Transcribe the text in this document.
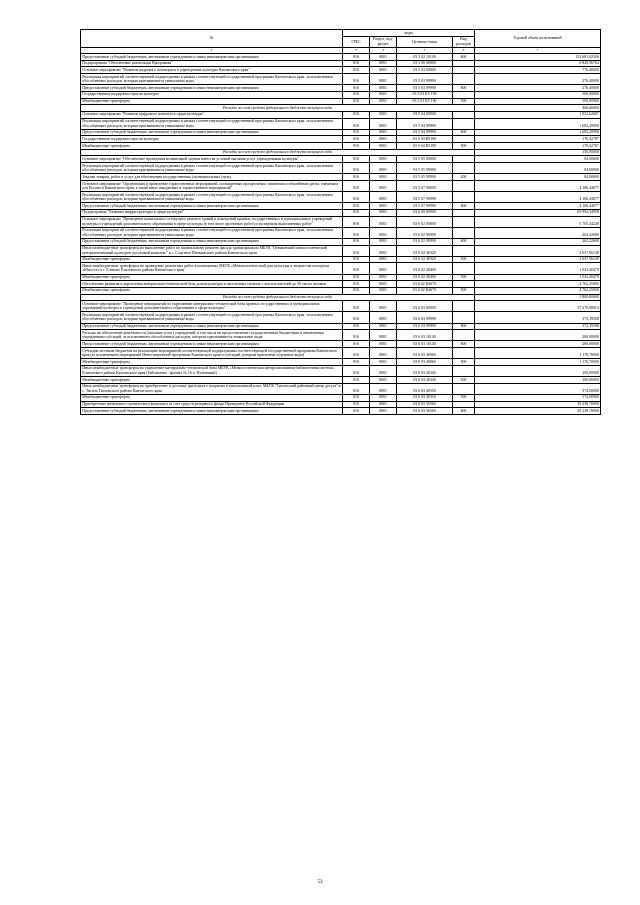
№	коды				Годовой объем ассигнований
	ГРБС	Раздел, под-раздел	Целевая статья	Вид расходов	
2	3	4	5	6	7
Предоставление субсидий бюджетным, автономным учреждениям и иным некоммерческим организациям	816	0801	03 3 02 10140	600	102 681,02500
Подпрограмма "Обеспечение реализации Программы"	816	0801	03 5 00 00000		6 820,56764
Основное мероприятие "Развитие кадрового потенциала в учреждениях культуры Камчатского края"	816	0801	03 5 03 00000		776,40000
Реализация мероприятий соответствующей подпрограммы в рамках соответствующей государственной программы Камчатского края, за исключением обособленных расходов, которым присваиваются уникальные коды	816	0801	03 5 03 99990		276,40000
Предоставление субсидий бюджетным, автономным учреждениям и иным некоммерческим организациям	816	0801	03 5 03 99990	600	276,40000
Государственная поддержка отрасли культуры	816	0801	03 5 03 R5 190		500,00000
Межбюджетные трансферты	816	0801	03 5 03 R5 190	500	500,00000
Расходы за счет средств федерального бюджета текущего года					400,00000
Основное мероприятие "Развитие цифрового контента в сфере культуры"	816	0801	03 5 04 00000		1 852,62687
Реализация мероприятий соответствующей подпрограммы в рамках соответствующей государственной программы Камчатского края, за исключением обособленных расходов, которым присваиваются уникальные коды	816	0801	03 5 04 99990		1 682,29900
Предоставление субсидий бюджетным, автономным учреждениям и иным некоммерческим организациям	816	0801	03 5 04 99990	600	1 682,29900
Государственная поддержка отрасли культуры	816	0801	03 5 04 R5190		170,32787
Межбюджетные трансферты	816	0801	03 5 04 R5190	500	170,32787
Расходы за счет средств федерального бюджета текущего года					156,90000
Основное мероприятие "Обеспечение проведения независимой оценки качества условий оказания услуг учреждениями культуры"	816	0801	03 5 05 00000		84,00000
Реализация мероприятий соответствующей подпрограммы в рамках соответствующей государственной программы Камчатского края, за исключением обособленных расходов, которым присваиваются уникальные коды	816	0801	03 5 05 99990		84,00000
Закупка товаров, работ и услуг для обеспечения государственных (муниципальных) нужд	816	0801	03 5 05 99990	200	84,00000
Основное мероприятие "Организация и проведение торжественных мероприятий, посвященных праздничным, памятным и юбилейным датам, значимым для России и Камчатского края, а также иных имиджевых и торжественных мероприятий"	816	0801	03 5 07 00000		4 106,44077
Реализация мероприятий соответствующей подпрограммы в рамках соответствующей государственной программы Камчатского края, за исключением обособленных расходов, которым присваиваются уникальные коды	816	0801	03 5 07 99990		4 106,44077
Предоставление субсидий бюджетным, автономным учреждениям и иным некоммерческим организациям	816	0801	03 5 07 99990	600	4 106,44077
Подпрограмма "Развитие инфраструктуры в сфере культуры"	816	0801	03 6 00 00000		65 992,34958
Основное мероприятие "Проведение капитального и текущего ремонта зданий и помещений краевых государственных и муниципальных учреждений культуры и учреждений дополнительного образования в сфере культуры (в том числе проектных работ) и экспертизы выполненных работ"	816	0801	03 6 02 00000		5 705,44228
Реализация мероприятий соответствующей подпрограммы в рамках соответствующей государственной программы Камчатского края, за исключением обособленных расходов, которым присваиваются уникальные коды	816	0801	03 6 02 99990		262,22600
Предоставление субсидий бюджетным, автономным учреждениям и иным некоммерческим организациям	816	0801	03 6 02 99990	600	262,22600
Иные межбюджетные трансферты на выполнение работ по капитальному ремонту фасада здания филиала МБУК "Пенжинский межпоселенческий централизованный культурно-досуговый комплекс" в с. Слаутное Пенжинского района Камчатского края	816	0801	03 6 02 40320		2 637,56149
Межбюджетные трансферты	816	0801	03 6 02 40320	500	2 637,56149
Иные межбюджетные трансферты на проведение ремонтных работ в помещениях МБУК «Межпоселенческий дом культуры и творчества молодёжи «Юность» в г. Елизово Елизовского района Камчатского края	816	0801	03 6 02 40400		1 043,40479
Межбюджетные трансферты	816	0801	03 6 02 40400	500	1 043,40479
Обеспечение развития и укрепления материально-технической базы домов культуры в населенных пунктах с числом жителей до 50 тысяч человек	816	0801	03 6 02 R4670		4 762,25000
Межбюджетные трансферты	816	0801	03 6 02 R4670	500	4 762,25000
Расходы за счет средств федерального бюджета текущего года					3 809,80000
Основное мероприятие "Проведение мероприятий по укреплению материально-технической базы краевых государственных и муниципальных учреждений культуры и учреждений дополнительного образования в сфере культуры"	816	0801	03 6 03 00000		37 270,88014
Реализация мероприятий соответствующей подпрограммы в рамках соответствующей государственной программы Камчатского края, за исключением обособленных расходов, которым присваиваются уникальные коды	816	0801	03 6 03 99990		373,19588
Предоставление субсидий бюджетным, автономным учреждениям и иным некоммерческим организациям	816	0801	03 6 03 99990	600	373,19588
Расходы на обеспечение деятельности (оказание услуг) учреждений, в том числе на предоставление государственным бюджетным и автономным учреждениям субсидий, за исключением обособленных расходов, которым присваиваются уникальные коды	816	0801	03 6 03 10140		200,00000
Предоставление субсидий бюджетным, автономным учреждениям и иным некоммерческим организациям	816	0801	03 6 03 10140	600	200,00000
Субсидии местным бюджетам на реализацию мероприятий соответствующей подпрограммы соответствующей государственной программы Камчатского края (за исключением мероприятий Инвестиционной программы Камчатского края и субсидий, которым присвоены отдельные коды)	816	0801	03 6 03 40060		1 170,70000
Межбюджетные трансферты	816	0801	03 6 03 40060	500	1 170,70000
Иные межбюджетные трансферты на укрепление материально-технической базы МБУК «Межпоселенческая централизованная библиотечная система» Елизовского района Камчатского края (Библиотека - филиал № 16 п. Вулканный)	816	0801	03 6 03 40340		200,00000
Межбюджетные трансферты	816	0801	03 6 03 40340	500	200,00000
Иные межбюджетные трансферты на приобретение и доставку зрительного покрытия в танцевальный класс МБУК "Тигильский районный центр досуга" в с. Тигиль Тигильского района Камчатского края	816	0801	03 6 03 40350		574,00000
Межбюджетные трансферты	816	0801	03 6 03 40350	500	574,00000
Приобретение мобильного сценического комплекса за счет средств резервного фонда Президента Российской Федерации	816	0801	03 6 03 56560		29 239,70000
Предоставление субсидий бюджетным, автономным учреждениям и иным некоммерческим организациям	816	0801	03 6 03 56560	600	29 239,70000
53
